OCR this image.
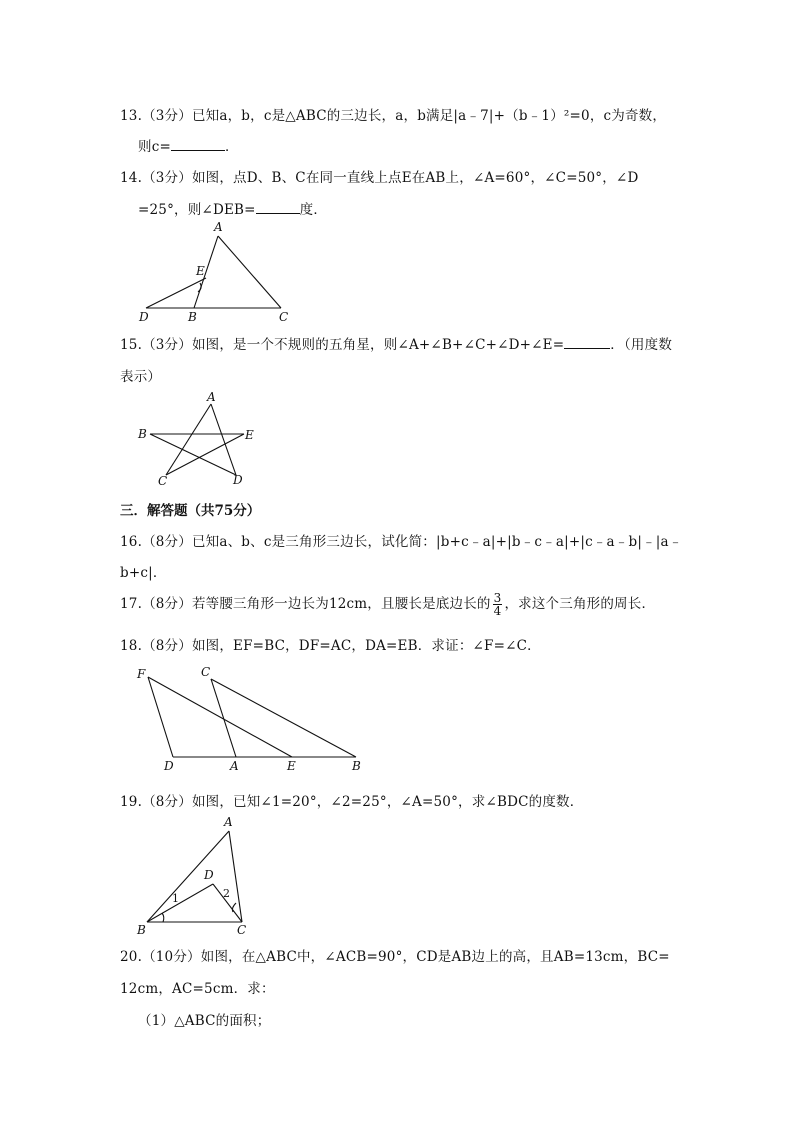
13.（3分）已知a，b，c是△ABC的三边长，a，b满足|a﹣7|+（b﹣1）²=0，c为奇数，
则c=	．
14.（3分）如图，点D、B、C在同一直线上点E在AB上，∠A=60°，∠C=50°，∠D
=25°，则∠DEB=	度．
A
E
D	B	C
15.（3分）如图，是一个不规则的五角星，则∠A+∠B+∠C+∠D+∠E=	．（用度数
表示）
A
B	E
C	D
三．解答题（共75分）
16.（8分）已知a、b、c是三角形三边长，试化简：|b+c﹣a|+|b﹣c﹣a|+|c﹣a﹣b|﹣|a﹣
b+c|．
17.（8分）若等腰三角形一边长为12cm，且腰长是底边长的 $\frac{3}{4}$ ，求这个三角形的周长．
18.（8分）如图，EF=BC，DF=AC，DA=EB．求证：∠F=∠C．
F	C
D	A	E	B
19.（8分）如图，已知∠1=20°，∠2=25°，∠A=50°，求∠BDC的度数．
A
D
B	C
1	2
20.（10分）如图，在△ABC中，∠ACB=90°，CD是AB边上的高，且AB=13cm，BC=
12cm，AC=5cm．求：
（1）△ABC的面积；
